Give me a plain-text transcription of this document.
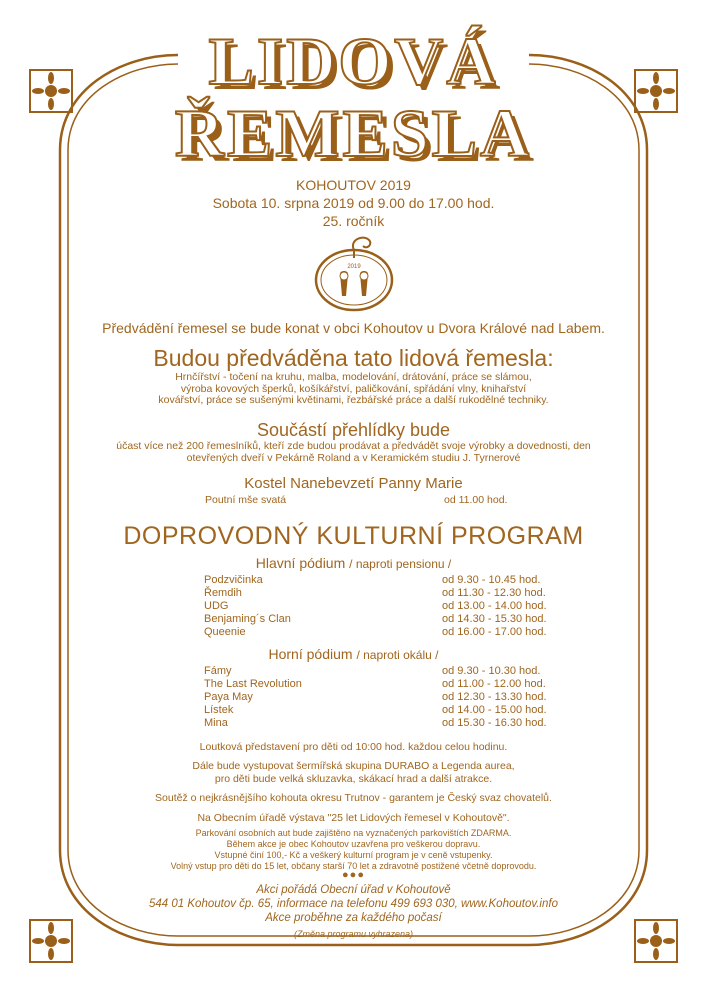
LIDOVÁ
ŘEMESLA
KOHOUTOV 2019
Sobota 10. srpna 2019 od 9.00 do 17.00 hod.
25. ročník
2019
Předvádění řemesel se bude konat v obci Kohoutov u Dvora Králové nad Labem.
Budou předváděna tato lidová řemesla:
Hrnčířství - točení na kruhu, malba, modelování, drátování, práce se slámou,
výroba kovových šperků, košíkářství, paličkování, spřádání vlny, knihařství
kovářství, práce se sušenými květinami, řezbářské práce a další rukodělné techniky.
Součástí přehlídky bude
účast více než 200 řemeslníků, kteří zde budou prodávat a předvádět svoje výrobky a dovednosti, den
otevřených dveří v Pekárně Roland a v Keramickém studiu J. Tyrnerové
Kostel Nanebevzetí Panny Marie
Poutní mše svatá	od 11.00 hod.
DOPROVODNÝ KULTURNÍ PROGRAM
Hlavní pódium / naproti pensionu /
Podzvičinka	od 9.30 - 10.45 hod.
Řemdih	od 11.30 - 12.30 hod.
UDG	od 13.00 - 14.00 hod.
Benjaming´s Clan	od 14.30 - 15.30 hod.
Queenie	od 16.00 - 17.00 hod.
Horní pódium / naproti okálu /
Fámy	od 9.30 - 10.30 hod.
The Last Revolution	od 11.00 - 12.00 hod.
Paya May	od 12.30 - 13.30 hod.
Lístek	od 14.00 - 15.00 hod.
Mina	od 15.30 - 16.30 hod.
Loutková představení pro děti od 10:00 hod. každou celou hodinu.
Dále bude vystupovat šermířská skupina DURABO a Legenda aurea,
pro děti bude velká skluzavka, skákací hrad a další atrakce.
Soutěž o nejkrásnějšího kohouta okresu Trutnov - garantem je Český svaz chovatelů.
Na Obecním úřadě výstava "25 let Lidových řemesel v Kohoutově".
Parkování osobních aut bude zajištěno na vyznačených parkovištích ZDARMA.
Během akce je obec Kohoutov uzavřena pro veškerou dopravu.
Vstupné činí 100,- Kč a veškerý kulturní program je v ceně vstupenky.
Volný vstup pro děti do 15 let, občany starší 70 let a zdravotně postižené včetně doprovodu.
●●●
Akci pořádá Obecní úřad v Kohoutově
544 01 Kohoutov čp. 65, informace na telefonu 499 693 030, www.Kohoutov.info
Akce proběhne za každého počasí
(Změna programu vyhrazena)
